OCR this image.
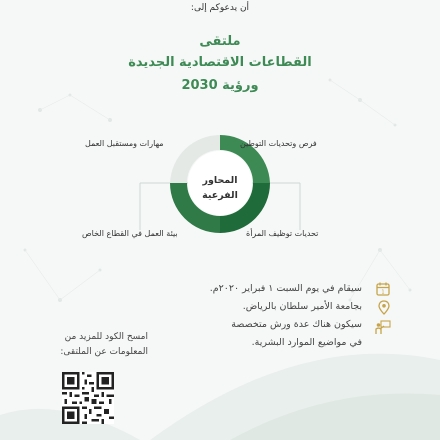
أن يدعوكم إلى:
ملتقى
القطاعات الاقتصادية الجديدة
ورؤية 2030
المحاور
الفرعية
فرص وتحديات التوطين
مهارات ومستقبل العمل
تحديات توظيف المرأة
بيئة العمل في القطاع الخاص
1
سيقام في يوم السبت ١ فبراير ٢٠٢٠م.
بجامعة الأمير سلطان بالرياض.
سيكون هناك عدة ورش متخصصة
في مواضيع الموارد البشرية.
امسح الكود للمزيد من
المعلومات عن الملتقى:
